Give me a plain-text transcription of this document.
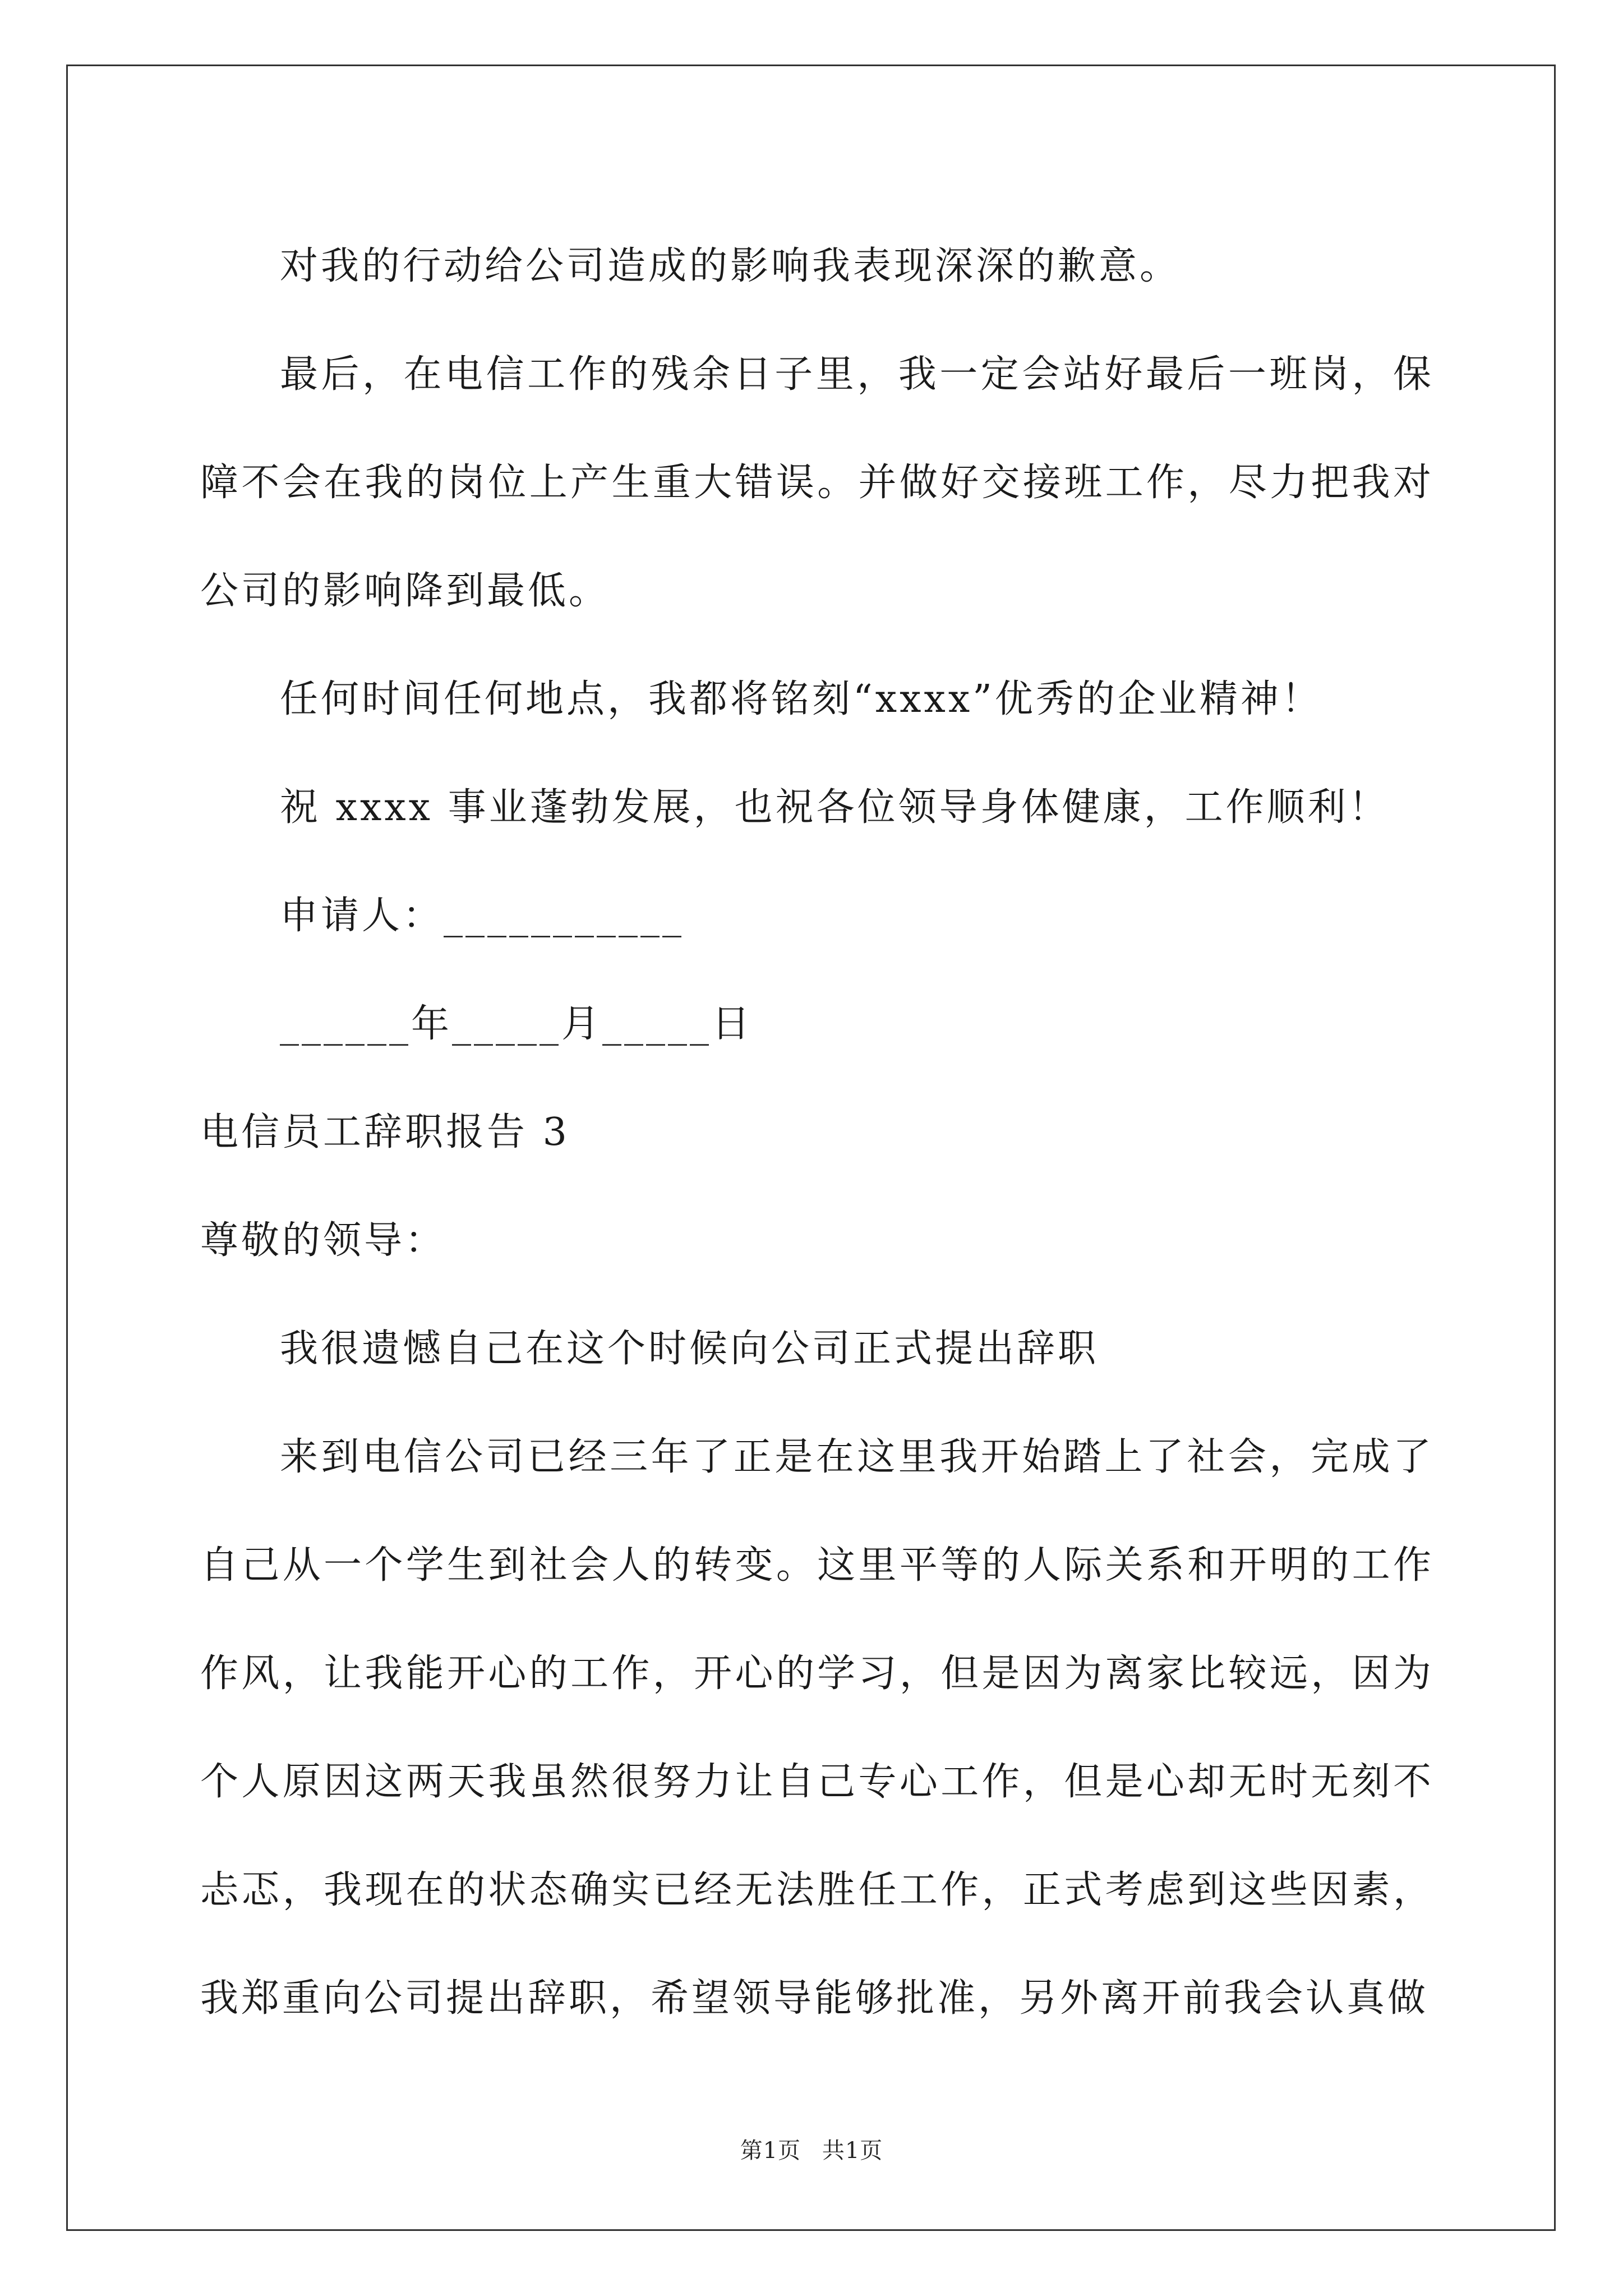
对我的行动给公司造成的影响我表现深深的歉意。

最后，在电信工作的残余日子里，我一定会站好最后一班岗，保障不会在我的岗位上产生重大错误。并做好交接班工作，尽力把我对公司的影响降到最低。

任何时间任何地点，我都将铭刻“xxxx”优秀的企业精神！

祝 xxxx 事业蓬勃发展，也祝各位领导身体健康，工作顺利！

申请人：___________

______年_____月_____日

电信员工辞职报告 3

尊敬的领导：

我很遗憾自己在这个时候向公司正式提出辞职

来到电信公司已经三年了正是在这里我开始踏上了社会，完成了自己从一个学生到社会人的转变。这里平等的人际关系和开明的工作作风，让我能开心的工作，开心的学习，但是因为离家比较远，因为个人原因这两天我虽然很努力让自己专心工作，但是心却无时无刻不忐忑，我现在的状态确实已经无法胜任工作，正式考虑到这些因素，我郑重向公司提出辞职，希望领导能够批准，另外离开前我会认真做

第1页 共1页
